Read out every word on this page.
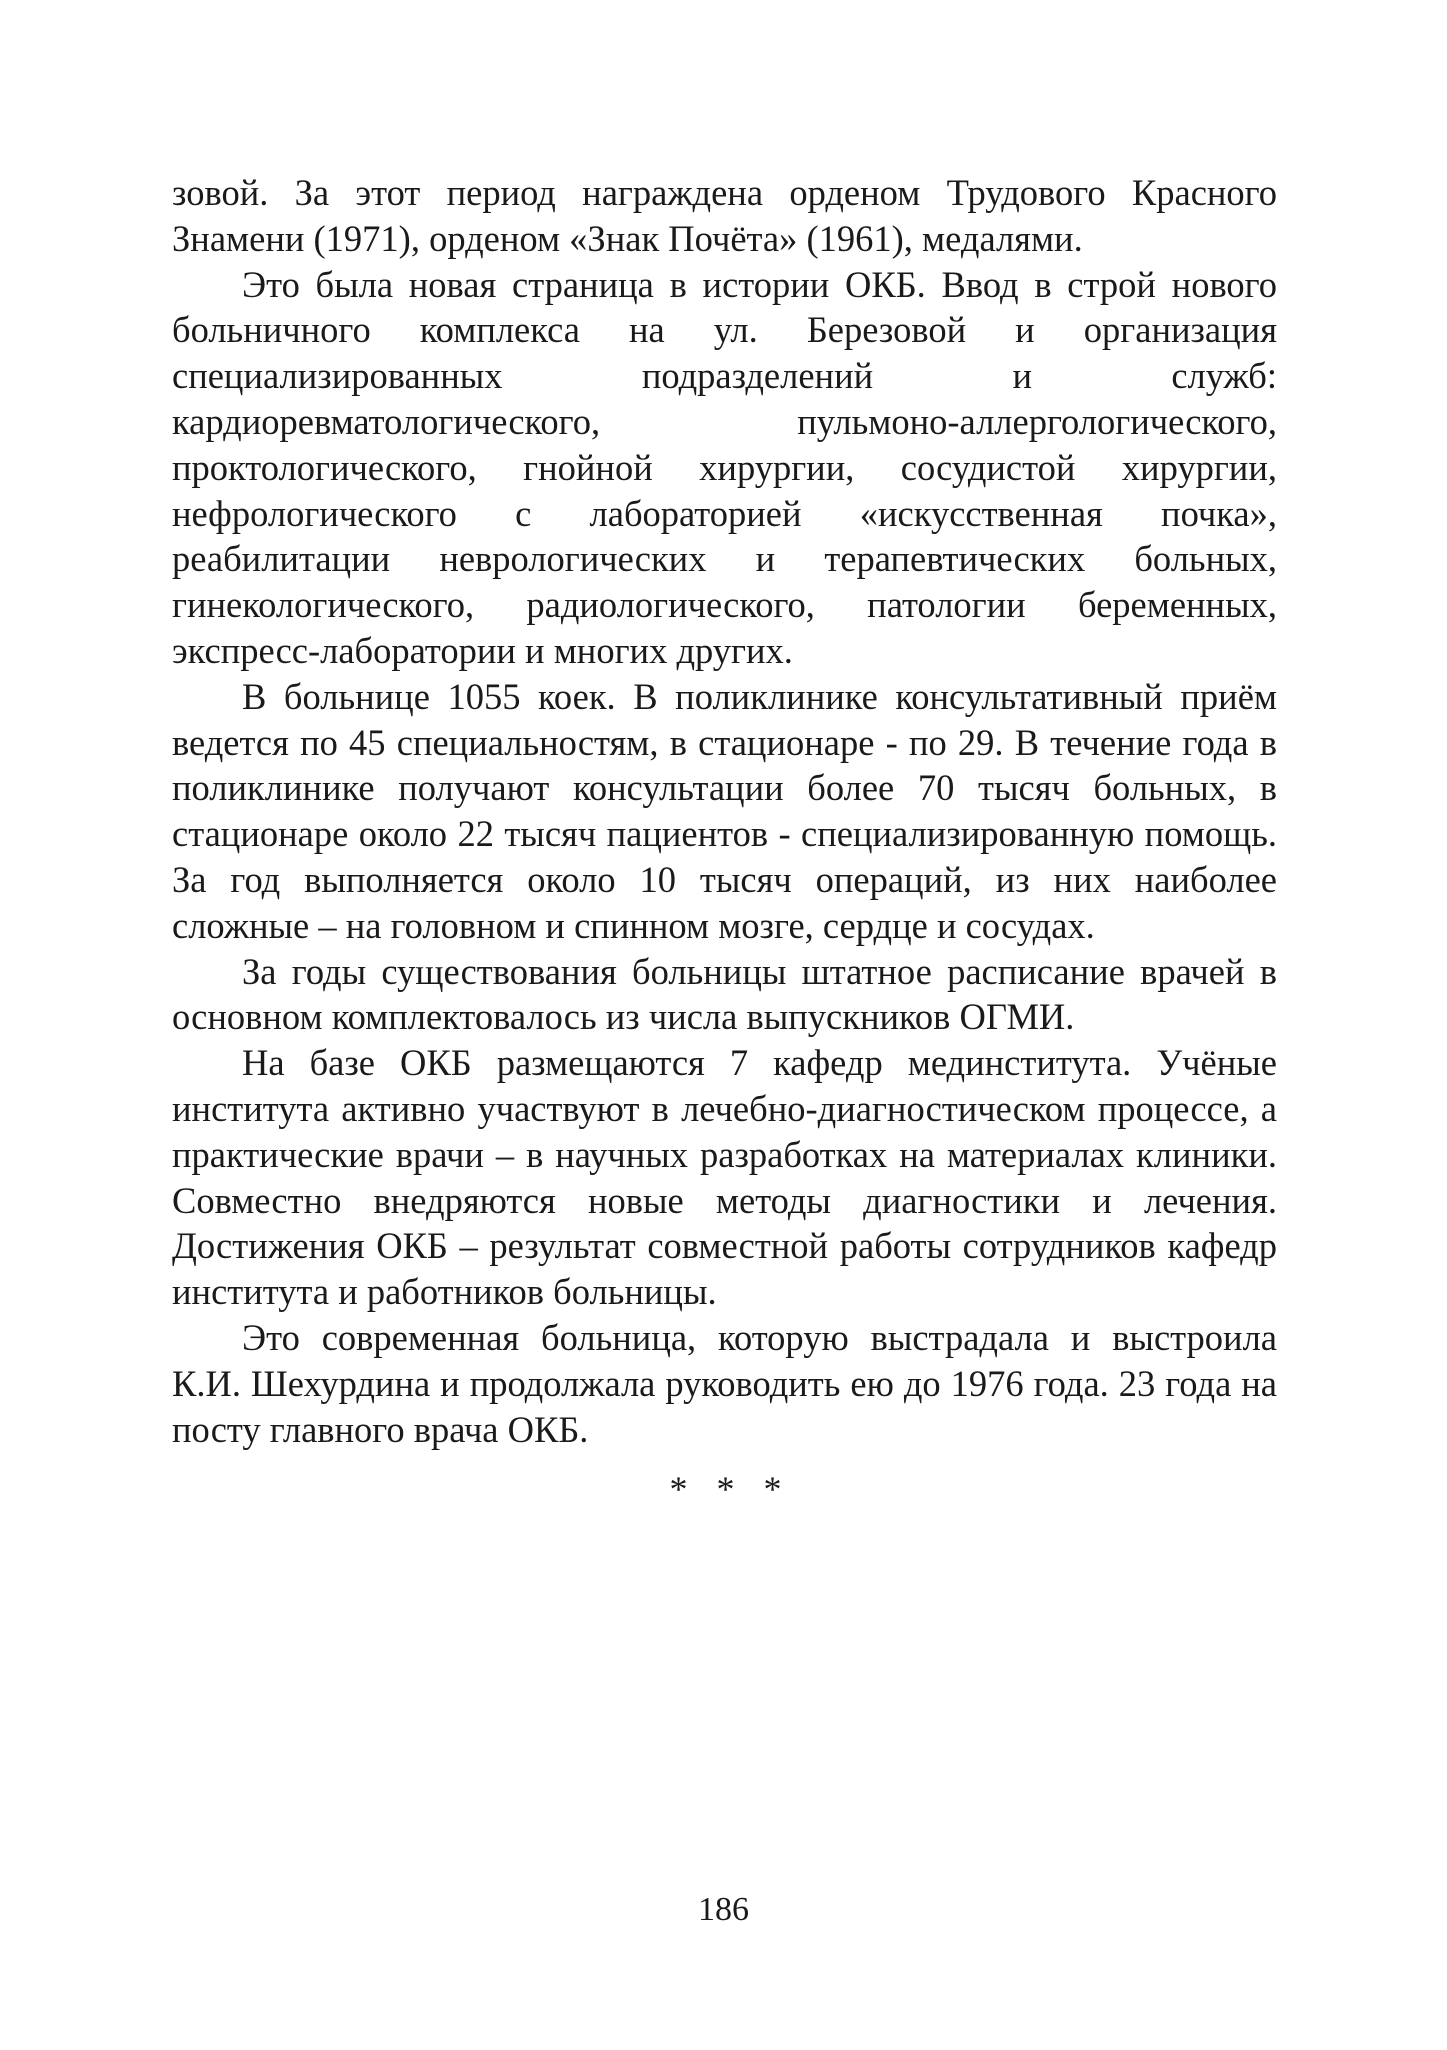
зовой. За этот период награждена орденом Трудового Красного Знамени (1971), орденом «Знак Почёта» (1961), медалями.

Это была новая страница в истории ОКБ. Ввод в строй нового больничного комплекса на ул. Березовой и организация специализированных подразделений и служб: кардиоревматологического, пульмоно-аллергологического, проктологического, гнойной хирургии, сосудистой хирургии, нефрологического с лабораторией «искусственная почка», реабилитации неврологических и терапевтических больных, гинекологического, радиологического, патологии беременных, экспресс-лаборатории и многих других.

В больнице 1055 коек. В поликлинике консультативный приём ведется по 45 специальностям, в стационаре - по 29. В течение года в поликлинике получают консультации более 70 тысяч больных, в стационаре около 22 тысяч пациентов - специализированную помощь. За год выполняется около 10 тысяч операций, из них наиболее сложные – на головном и спинном мозге, сердце и сосудах.

За годы существования больницы штатное расписание врачей в основном комплектовалось из числа выпускников ОГМИ.

На базе ОКБ размещаются 7 кафедр мединститута. Учёные института активно участвуют в лечебно-диагностическом процессе, а практические врачи – в научных разработках на материалах клиники. Совместно внедряются новые методы диагностики и лечения. Достижения ОКБ – результат совместной работы сотрудников кафедр института и работников больницы.

Это современная больница, которую выстрадала и выстроила К.И. Шехурдина и продолжала руководить ею до 1976 года. 23 года на посту главного врача ОКБ.

* * *
186
